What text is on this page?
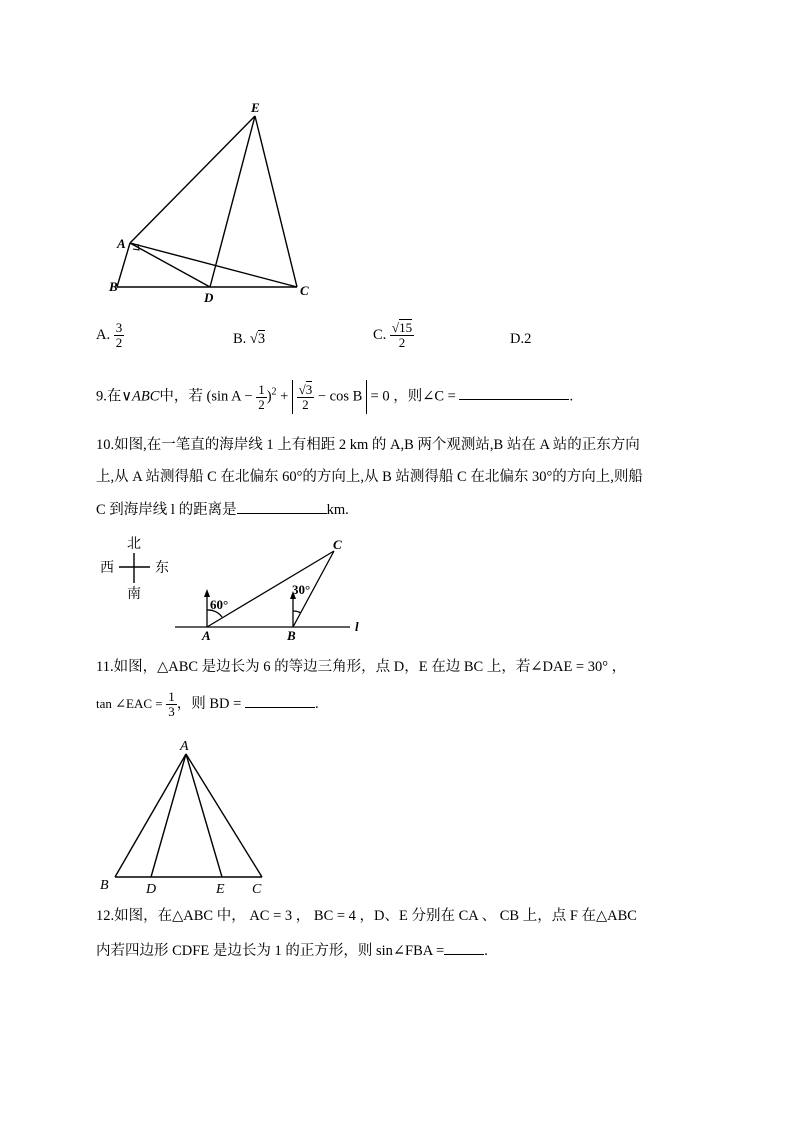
E
A
B
D	C
A. $\frac{3}{2}$	B. √3	C. $\frac{√15}{2}$	D.2
9.在∨ABC中，若 (sin $A - \frac{1}{2} )^2 + \frac{√3}{2} - \cos B = 0$ ，则∠C =	.
10.如图,在一笔直的海岸线 1 上有相距 2 km 的 A,B 两个观测站,B 站在 A 站的正东方向
上,从 A 站测得船 C 在北偏东 60°的方向上,从 B 站测得船 C 在北偏东 30°的方向上,则船
C 到海岸线 l 的距离是	km.
北
南
西	东
60°
30°
C
A	B
l
11.如图，△ABC 是边长为 6 的等边三角形，点 D，E 在边 BC 上，若∠DAE = 30° ，
tan ∠EAC = $\frac{1}{3}$ ，则 BD =	.
A
B	D	E C
12.如图，在△ABC 中， AC = 3 ， BC = 4 ，D、E 分别在 CA 、 CB 上，点 F 在△ABC
内若四边形 CDFE 是边长为 1 的正方形，则 sin∠FBA =	.
